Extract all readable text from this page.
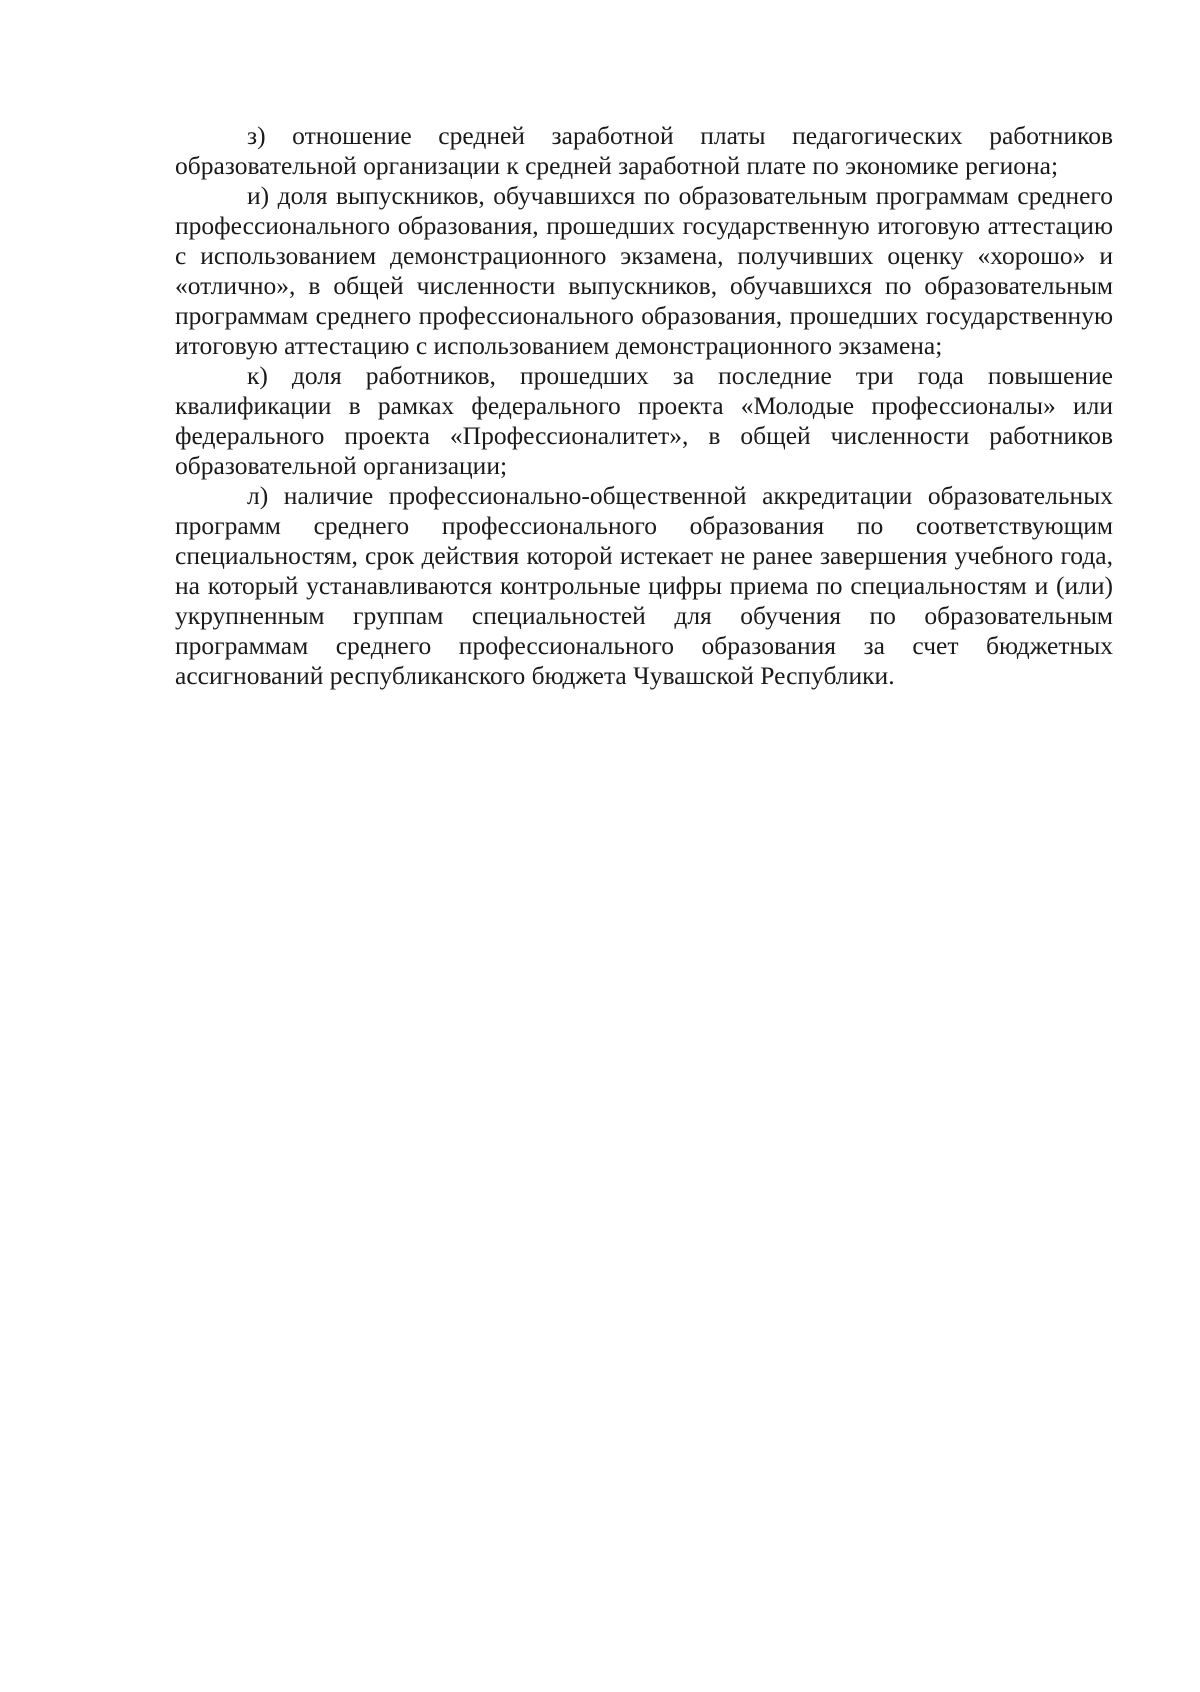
з) отношение средней заработной платы педагогических работников образовательной организации к средней заработной плате по экономике региона;

и) доля выпускников, обучавшихся по образовательным программам среднего профессионального образования, прошедших государственную итоговую аттестацию с использованием демонстрационного экзамена, получивших оценку «хорошо» и «отлично», в общей численности выпускников, обучавшихся по образовательным программам среднего профессионального образования, прошедших государственную итоговую аттестацию с использованием демонстрационного экзамена;

к) доля работников, прошедших за последние три года повышение квалификации в рамках федерального проекта «Молодые профессионалы» или федерального проекта «Профессионалитет», в общей численности работников образовательной организации;

л) наличие профессионально-общественной аккредитации образовательных программ среднего профессионального образования по соответствующим специальностям, срок действия которой истекает не ранее завершения учебного года, на который устанавливаются контрольные цифры приема по специальностям и (или) укрупненным группам специальностей для обучения по образовательным программам среднего профессионального образования за счет бюджетных ассигнований республиканского бюджета Чувашской Республики.
